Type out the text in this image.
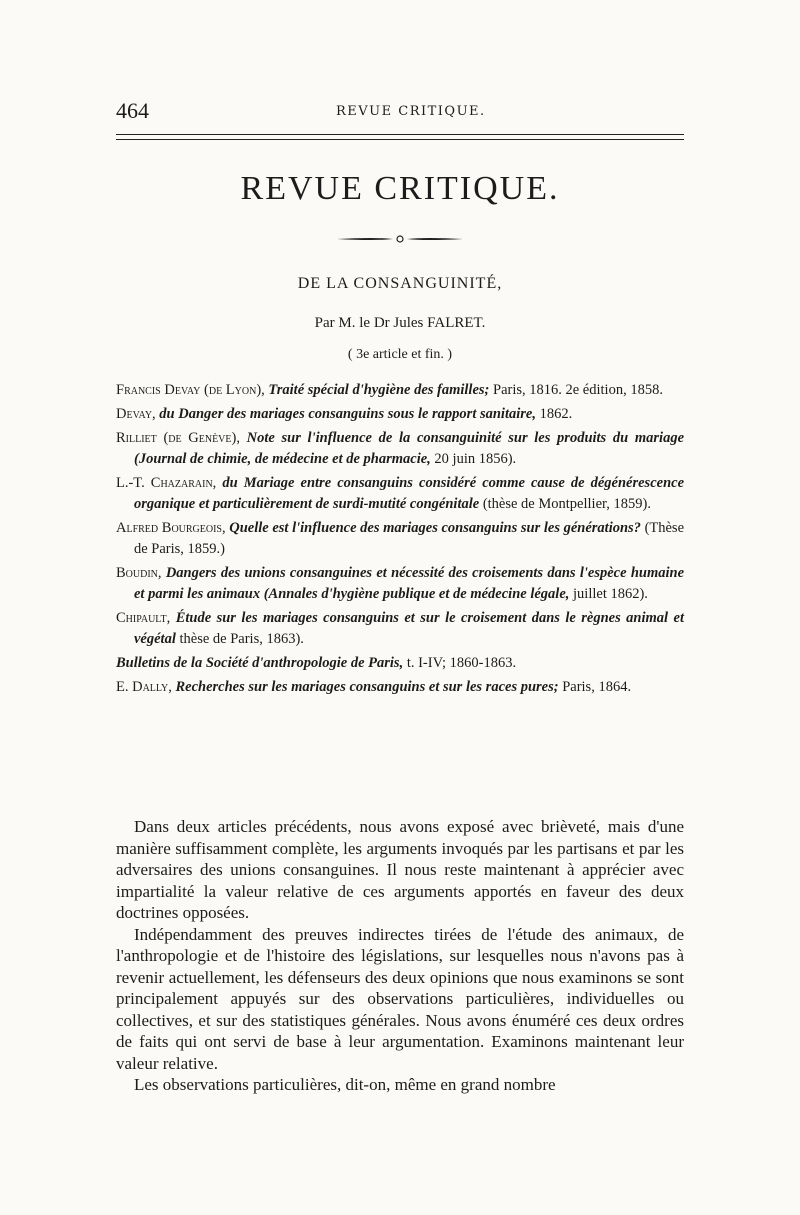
464	REVUE CRITIQUE.
REVUE CRITIQUE.
DE LA CONSANGUINITÉ,
Par M. le Dr Jules FALRET.
( 3e article et fin. )

Francis Devay (de Lyon), Traité spécial d'hygiène des familles; Paris, 1816. 2e édition, 1858.

Devay, du Danger des mariages consanguins sous le rapport sanitaire, 1862.

Rilliet (de Genève), Note sur l'influence de la consanguinité sur les produits du mariage (Journal de chimie, de médecine et de pharmacie, 20 juin 1856).

L.-T. Chazarain, du Mariage entre consanguins considéré comme cause de dégénérescence organique et particulièrement de surdi-mutité congénitale (thèse de Montpellier, 1859).

Alfred Bourgeois, Quelle est l'influence des mariages consanguins sur les générations? (Thèse de Paris, 1859.)

Boudin, Dangers des unions consanguines et nécessité des croisements dans l'espèce humaine et parmi les animaux (Annales d'hygiène publique et de médecine légale, juillet 1862).

Chipault, Étude sur les mariages consanguins et sur le croisement dans le règnes animal et végétal thèse de Paris, 1863).

Bulletins de la Société d'anthropologie de Paris, t. I-IV; 1860-1863.

E. Dally, Recherches sur les mariages consanguins et sur les races pures; Paris, 1864.

Dans deux articles précédents, nous avons exposé avec brièveté, mais d'une manière suffisamment complète, les arguments invoqués par les partisans et par les adversaires des unions consanguines. Il nous reste maintenant à apprécier avec impartialité la valeur relative de ces arguments apportés en faveur des deux doctrines opposées.

Indépendamment des preuves indirectes tirées de l'étude des animaux, de l'anthropologie et de l'histoire des législations, sur lesquelles nous n'avons pas à revenir actuellement, les défenseurs des deux opinions que nous examinons se sont principalement appuyés sur des observations particulières, individuelles ou collectives, et sur des statistiques générales. Nous avons énuméré ces deux ordres de faits qui ont servi de base à leur argumentation. Examinons maintenant leur valeur relative.

Les observations particulières, dit-on, même en grand nombre
